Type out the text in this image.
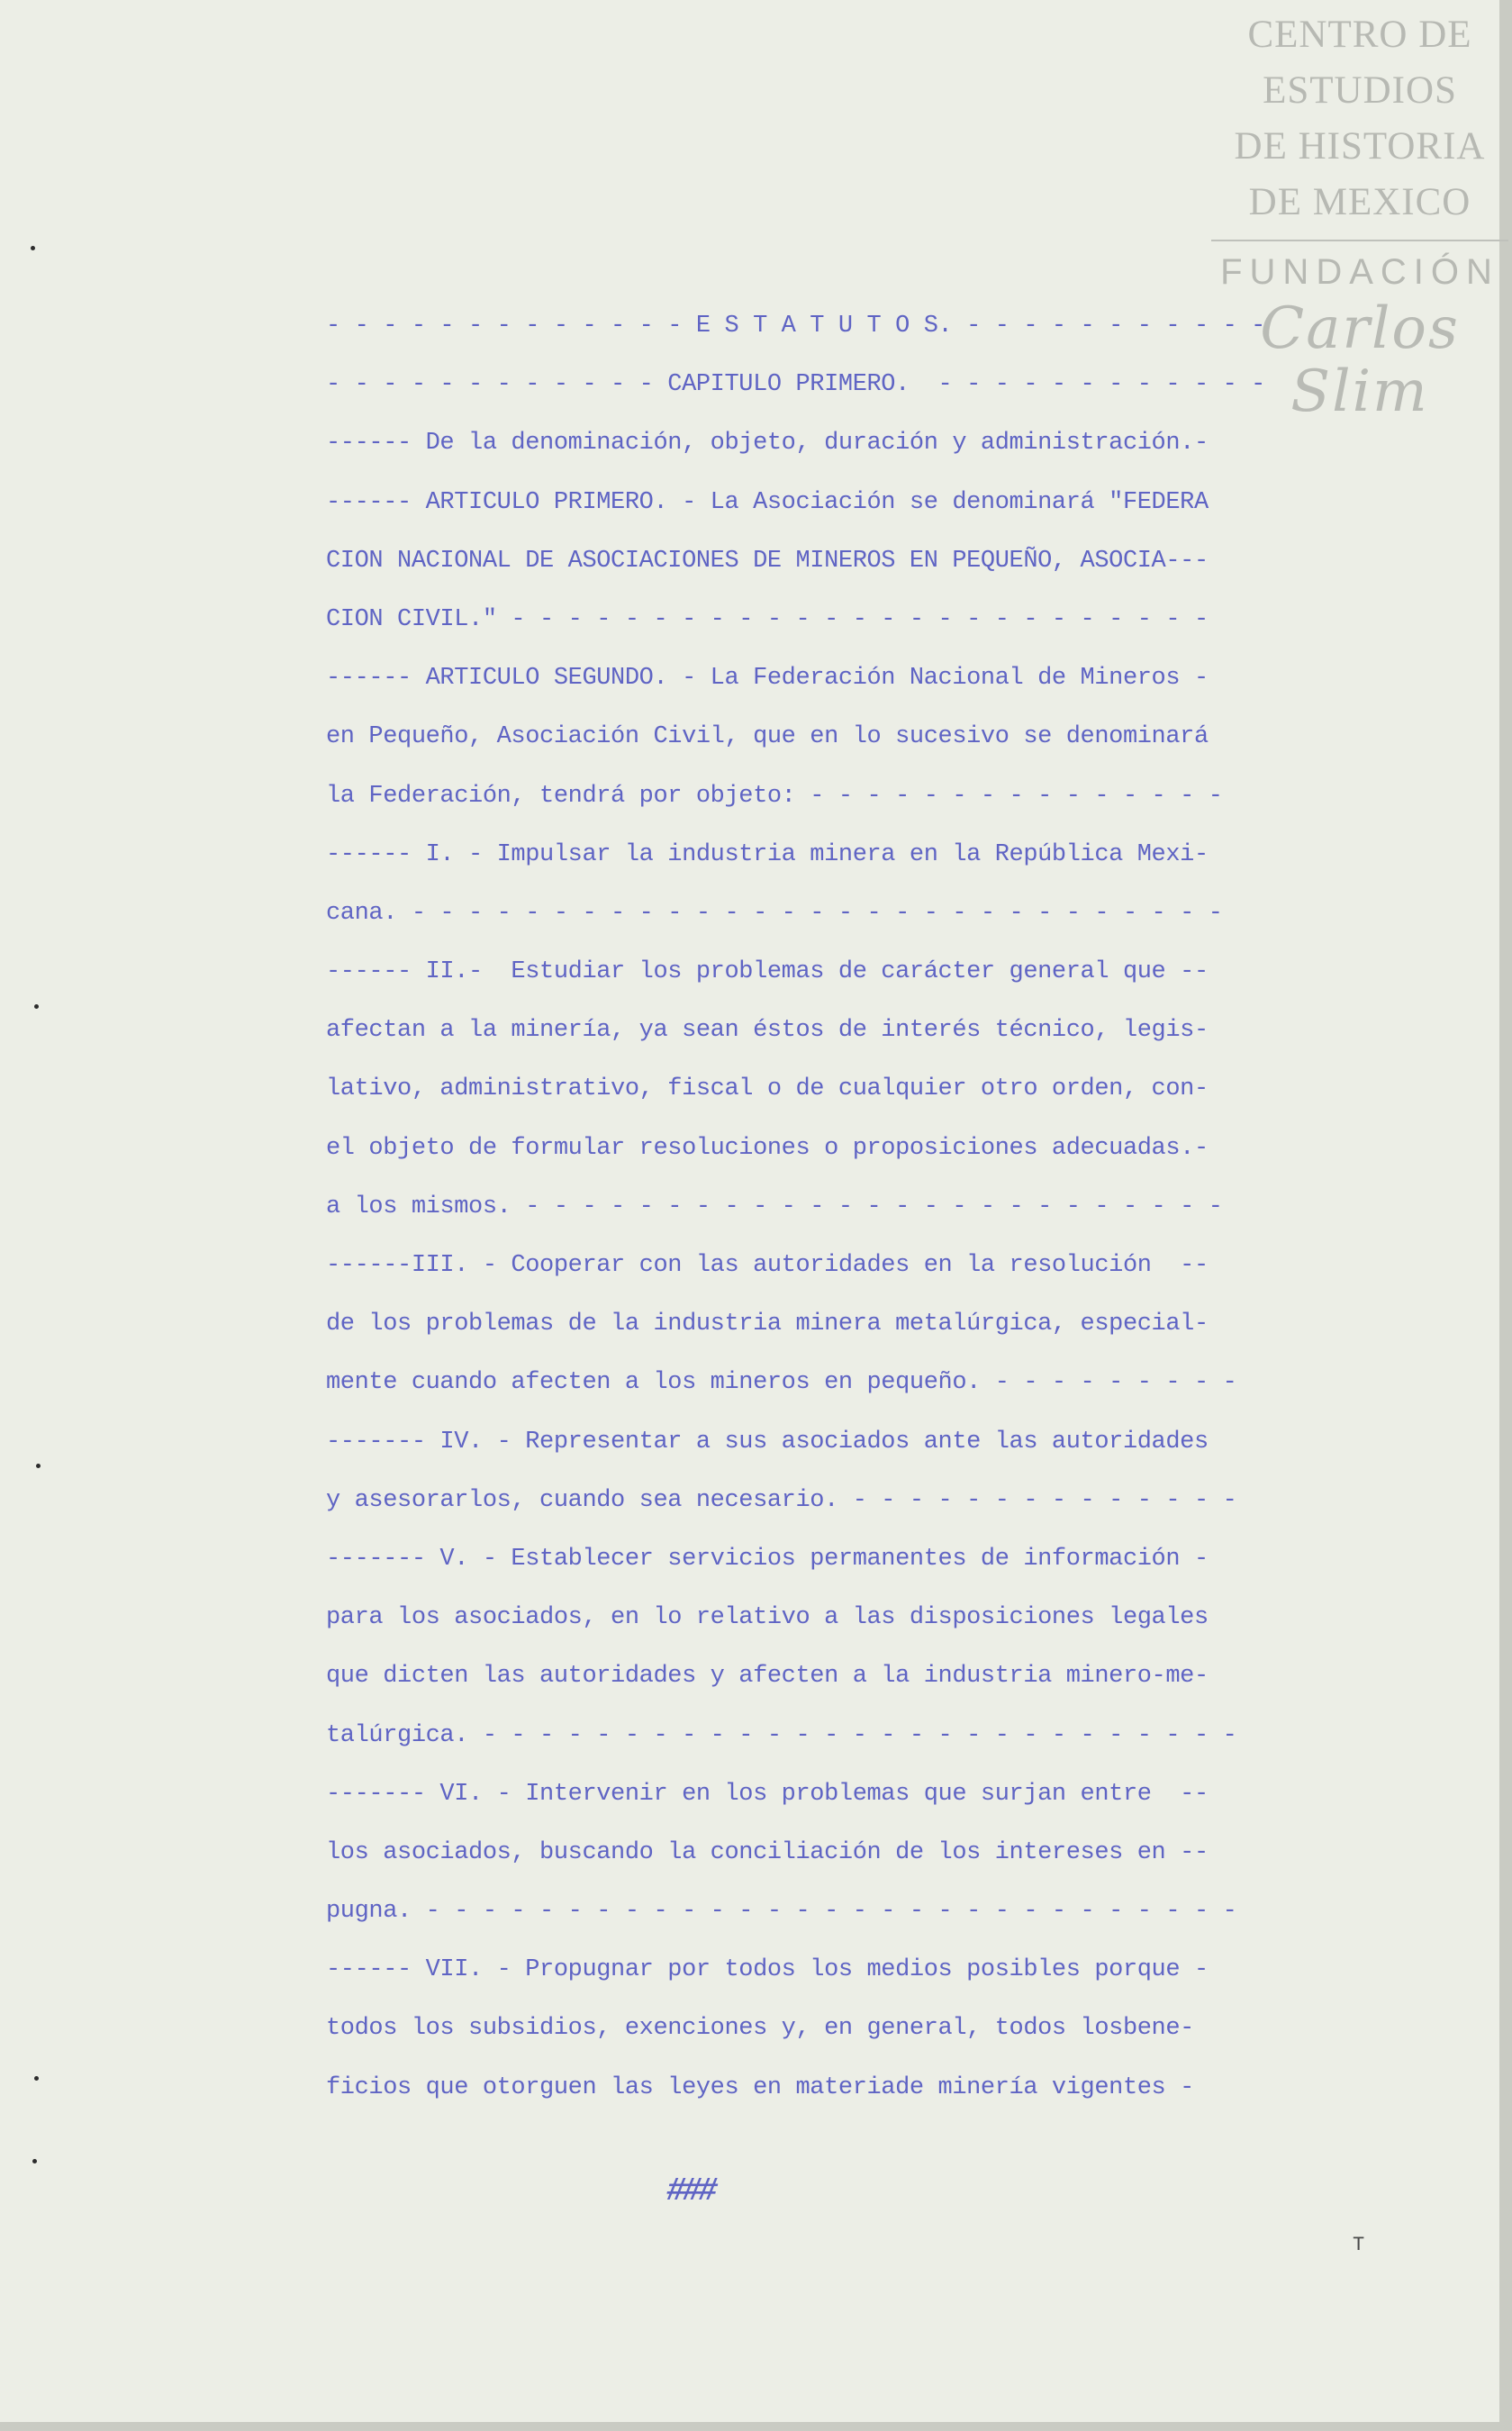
CENTRO DE
ESTUDIOS
DE HISTORIA
DE MEXICO
FUNDACIÓN
Carlos Slim
- - - - - - - - - - - - - E S T A T U T O S. - - - - - - - - - - -
- - - - - - - - - - - - CAPITULO PRIMERO.  - - - - - - - - - - - -
------ De la denominación, objeto, duración y administración.-
------ ARTICULO PRIMERO. - La Asociación se denominará "FEDERA
CION NACIONAL DE ASOCIACIONES DE MINEROS EN PEQUEÑO, ASOCIA---
CION CIVIL." - - - - - - - - - - - - - - - - - - - - - - - - -
------ ARTICULO SEGUNDO. - La Federación Nacional de Mineros -
en Pequeño, Asociación Civil, que en lo sucesivo se denominará
la Federación, tendrá por objeto: - - - - - - - - - - - - - - -
------ I. - Impulsar la industria minera en la República Mexi-
cana. - - - - - - - - - - - - - - - - - - - - - - - - - - - - -
------ II.-  Estudiar los problemas de carácter general que --
afectan a la minería, ya sean éstos de interés técnico, legis-
lativo, administrativo, fiscal o de cualquier otro orden, con-
el objeto de formular resoluciones o proposiciones adecuadas.-
a los mismos. - - - - - - - - - - - - - - - - - - - - - - - - -
------III. - Cooperar con las autoridades en la resolución  --
de los problemas de la industria minera metalúrgica, especial-
mente cuando afecten a los mineros en pequeño. - - - - - - - - -
------- IV. - Representar a sus asociados ante las autoridades
y asesorarlos, cuando sea necesario. - - - - - - - - - - - - - -
------- V. - Establecer servicios permanentes de información -
para los asociados, en lo relativo a las disposiciones legales
que dicten las autoridades y afecten a la industria minero-me-
talúrgica. - - - - - - - - - - - - - - - - - - - - - - - - - - -
------- VI. - Intervenir en los problemas que surjan entre  --
los asociados, buscando la conciliación de los intereses en --
pugna. - - - - - - - - - - - - - - - - - - - - - - - - - - - - -
------ VII. - Propugnar por todos los medios posibles porque -
todos los subsidios, exenciones y, en general, todos losbene-
ficios que otorguen las leyes en materiade minería vigentes -
###
T
